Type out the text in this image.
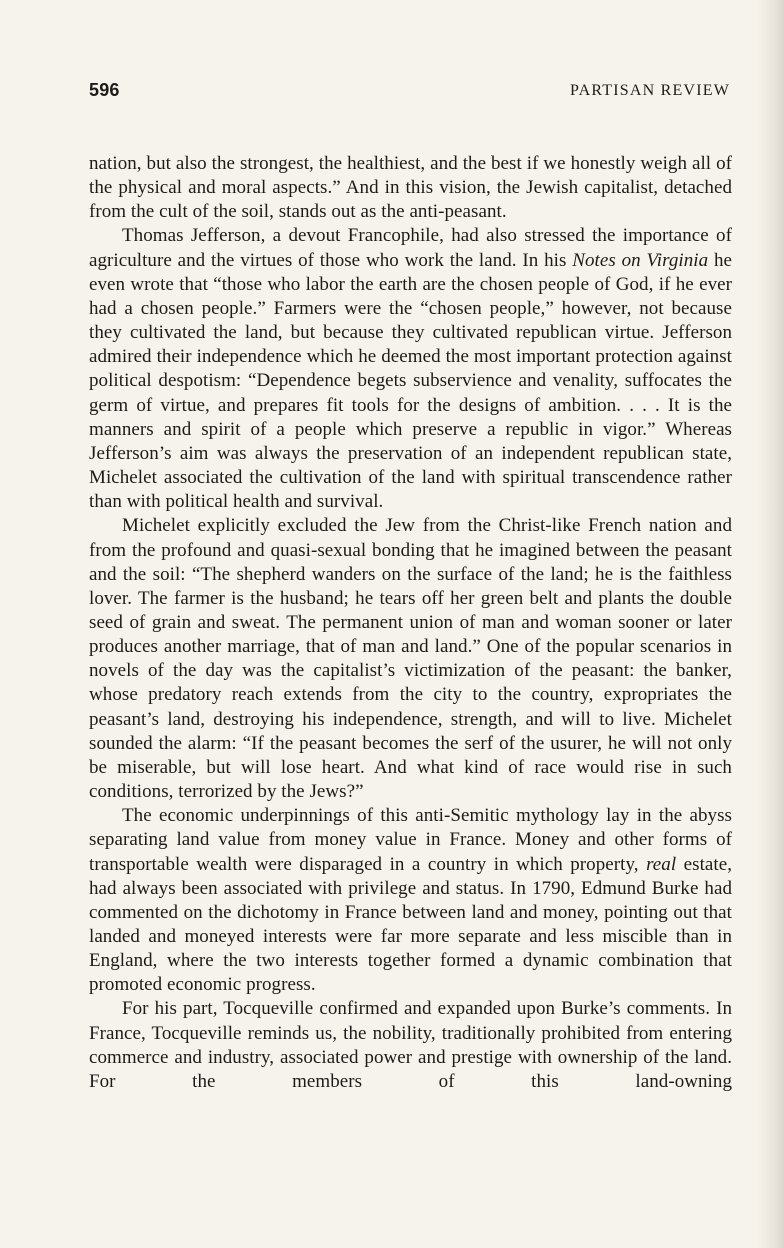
596	PARTISAN REVIEW

nation, but also the strongest, the healthiest, and the best if we honestly weigh all of the physical and moral aspects.” And in this vision, the Jewish capitalist, detached from the cult of the soil, stands out as the anti-peasant.

Thomas Jefferson, a devout Francophile, had also stressed the importance of agriculture and the virtues of those who work the land. In his Notes on Virginia he even wrote that “those who labor the earth are the chosen people of God, if he ever had a chosen people.” Farmers were the “chosen people,” however, not because they cultivated the land, but because they cultivated republican virtue. Jefferson admired their independence which he deemed the most important protection against political despotism: “Dependence begets subservience and venality, suffocates the germ of virtue, and prepares fit tools for the designs of ambition. . . . It is the manners and spirit of a people which preserve a republic in vigor.” Whereas Jefferson’s aim was always the preservation of an independent republican state, Michelet associated the cultivation of the land with spiritual transcendence rather than with political health and survival.

Michelet explicitly excluded the Jew from the Christ-like French nation and from the profound and quasi-sexual bonding that he imagined between the peasant and the soil: “The shepherd wanders on the surface of the land; he is the faithless lover. The farmer is the husband; he tears off her green belt and plants the double seed of grain and sweat. The permanent union of man and woman sooner or later produces another marriage, that of man and land.” One of the popular scenarios in novels of the day was the capitalist’s victimization of the peasant: the banker, whose predatory reach extends from the city to the country, expropriates the peasant’s land, destroying his independence, strength, and will to live. Michelet sounded the alarm: “If the peasant becomes the serf of the usurer, he will not only be miserable, but will lose heart. And what kind of race would rise in such conditions, terrorized by the Jews?”

The economic underpinnings of this anti-Semitic mythology lay in the abyss separating land value from money value in France. Money and other forms of transportable wealth were disparaged in a country in which property, real estate, had always been associated with privilege and status. In 1790, Edmund Burke had commented on the dichotomy in France between land and money, pointing out that landed and moneyed interests were far more separate and less miscible than in England, where the two interests together formed a dynamic combination that promoted economic progress.

For his part, Tocqueville confirmed and expanded upon Burke’s comments. In France, Tocqueville reminds us, the nobility, traditionally prohibited from entering commerce and industry, associated power and prestige with ownership of the land. For the members of this land-owning
